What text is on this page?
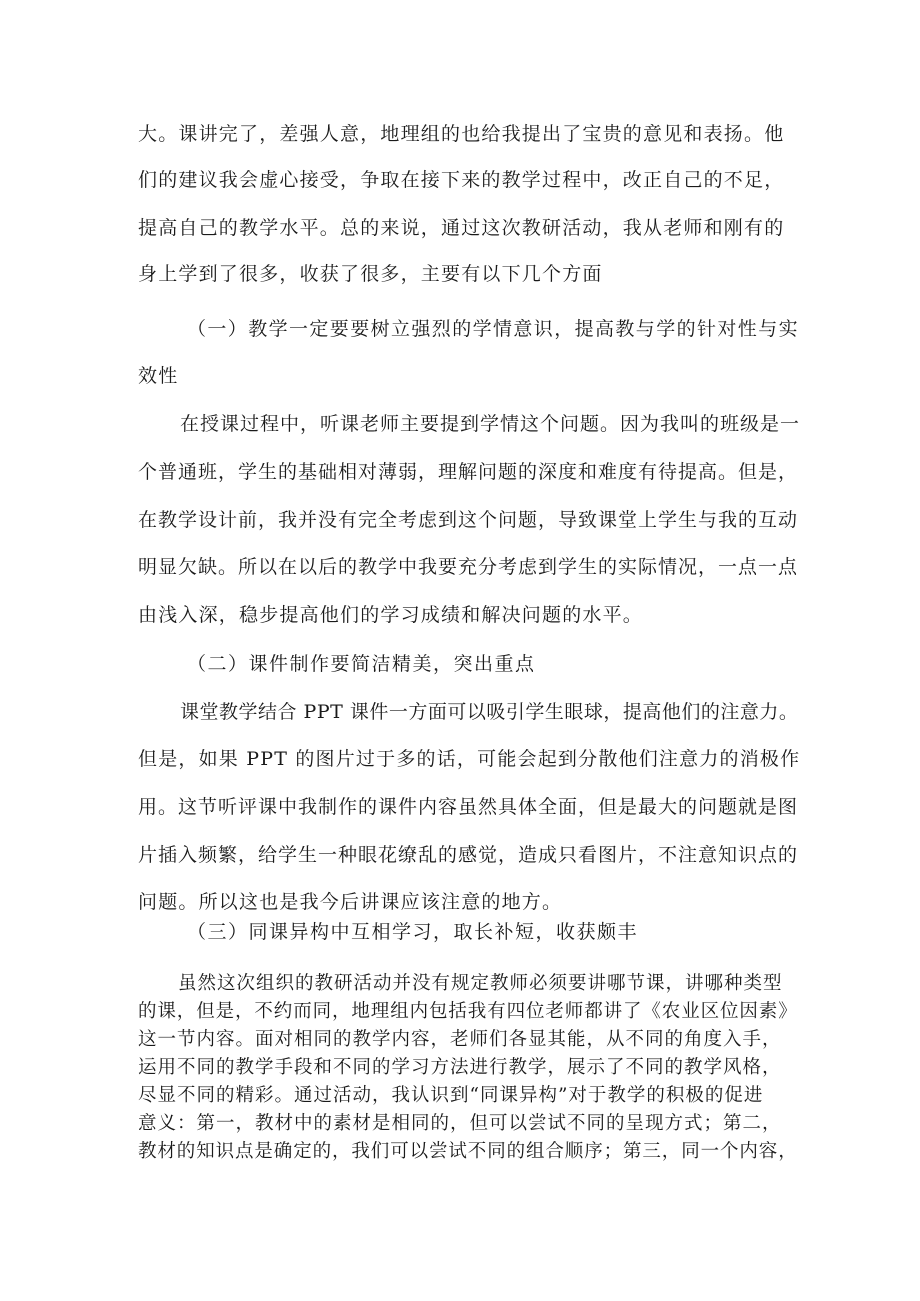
大。课讲完了，差强人意，地理组的也给我提出了宝贵的意见和表扬。他
们的建议我会虚心接受，争取在接下来的教学过程中，改正自己的不足，
提高自己的教学水平。总的来说，通过这次教研活动，我从老师和刚有的
身上学到了很多，收获了很多，主要有以下几个方面
（一）教学一定要要树立强烈的学情意识，提高教与学的针对性与实
效性
在授课过程中，听课老师主要提到学情这个问题。因为我叫的班级是一
个普通班，学生的基础相对薄弱，理解问题的深度和难度有待提高。但是，
在教学设计前，我并没有完全考虑到这个问题，导致课堂上学生与我的互动
明显欠缺。所以在以后的教学中我要充分考虑到学生的实际情况，一点一点
由浅入深，稳步提高他们的学习成绩和解决问题的水平。
（二）课件制作要简洁精美，突出重点
课堂教学结合 PPT 课件一方面可以吸引学生眼球，提高他们的注意力。
但是，如果 PPT 的图片过于多的话，可能会起到分散他们注意力的消极作
用。这节听评课中我制作的课件内容虽然具体全面，但是最大的问题就是图
片插入频繁，给学生一种眼花缭乱的感觉，造成只看图片，不注意知识点的
问题。所以这也是我今后讲课应该注意的地方。
（三）同课异构中互相学习，取长补短，收获颇丰
虽然这次组织的教研活动并没有规定教师必须要讲哪节课，讲哪种类型
的课，但是，不约而同，地理组内包括我有四位老师都讲了《农业区位因素》
这一节内容。面对相同的教学内容，老师们各显其能，从不同的角度入手，
运用不同的教学手段和不同的学习方法进行教学，展示了不同的教学风格，
尽显不同的精彩。通过活动，我认识到“同课异构”对于教学的积极的促进
意义：第一，教材中的素材是相同的，但可以尝试不同的呈现方式；第二，
教材的知识点是确定的，我们可以尝试不同的组合顺序；第三，同一个内容，
